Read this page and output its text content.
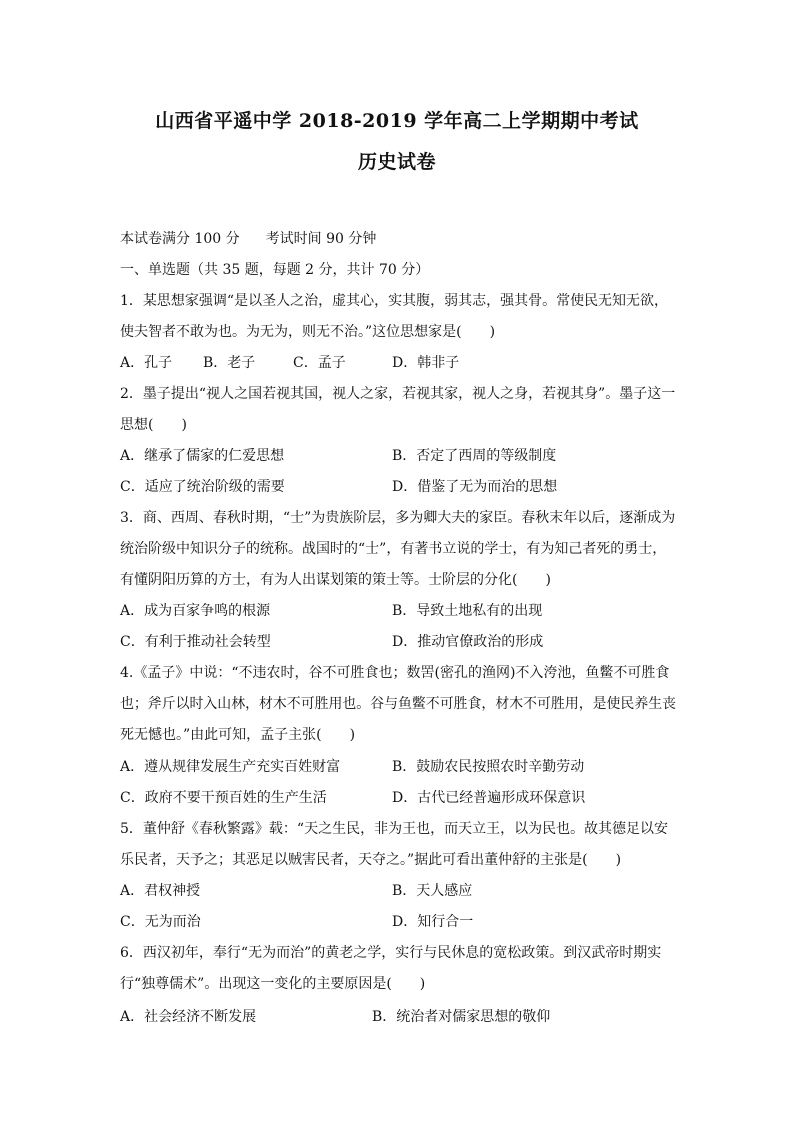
山西省平遥中学 2018-2019 学年高二上学期期中考试
历史试卷
本试卷满分 100 分 考试时间 90 分钟
一、单选题（共 35 题，每题 2 分，共计 70 分）
1．某思想家强调“是以圣人之治，虚其心，实其腹，弱其志，强其骨。常使民无知无欲，
使夫智者不敢为也。为无为，则无不治。”这位思想家是(　　)
A．孔子 B．老子	C．孟子	D．韩非子
2．墨子提出“视人之国若视其国，视人之家，若视其家，视人之身，若视其身”。墨子这一
思想(　　)
A．继承了儒家的仁爱思想	B．否定了西周的等级制度
C．适应了统治阶级的需要	D．借鉴了无为而治的思想
3．商、西周、春秋时期，“士”为贵族阶层，多为卿大夫的家臣。春秋末年以后，逐渐成为
统治阶级中知识分子的统称。战国时的“士”，有著书立说的学士，有为知己者死的勇士，
有懂阴阳历算的方士，有为人出谋划策的策士等。士阶层的分化(　　)
A．成为百家争鸣的根源	B．导致土地私有的出现
C．有利于推动社会转型	D．推动官僚政治的形成
4.《孟子》中说：“不违农时，谷不可胜食也；数罟(密孔的渔网)不入洿池，鱼鳖不可胜食
也；斧斤以时入山林，材木不可胜用也。谷与鱼鳖不可胜食，材木不可胜用，是使民养生丧
死无憾也。”由此可知，孟子主张(　　)
A．遵从规律发展生产充实百姓财富	B．鼓励农民按照农时辛勤劳动
C．政府不要干预百姓的生产生活	D．古代已经普遍形成环保意识
5．董仲舒《春秋繁露》载：“天之生民，非为王也，而天立王，以为民也。故其德足以安
乐民者，天予之；其恶足以贼害民者，天夺之。”据此可看出董仲舒的主张是(　　)
A．君权神授	B．天人感应
C．无为而治	D．知行合一
6．西汉初年，奉行“无为而治”的黄老之学，实行与民休息的宽松政策。到汉武帝时期实
行“独尊儒术”。出现这一变化的主要原因是(　　)
A．社会经济不断发展	B．统治者对儒家思想的敬仰
